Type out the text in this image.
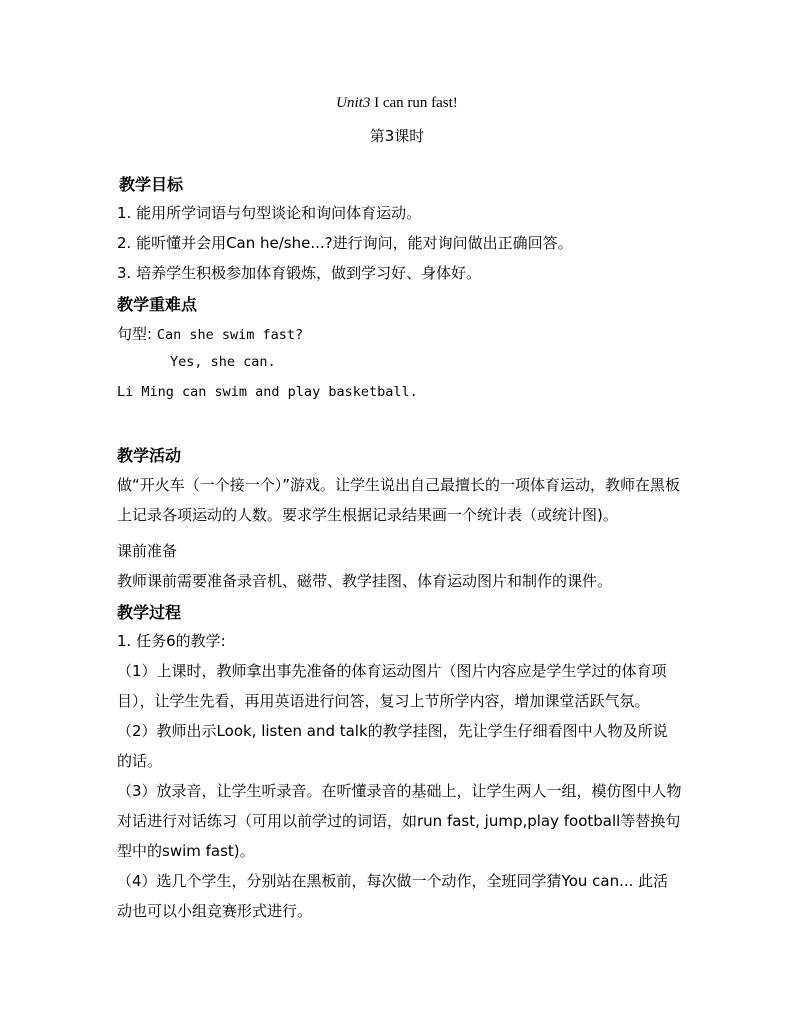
Unit3 I can run fast!
第3课时
教学目标
1. 能用所学词语与句型谈论和询问体育运动。
2. 能听懂并会用Can he/she...?进行询问，能对询问做出正确回答。
3. 培养学生积极参加体育锻炼，做到学习好、身体好。
教学重难点
句型: Can she swim fast?
Yes, she can.
Li Ming can swim and play basketball.
教学活动
做“开火车（一个接一个）”游戏。让学生说出自己最擅长的一项体育运动，教师在黑板上记录各项运动的人数。要求学生根据记录结果画一个统计表（或统计图)。
课前准备
教师课前需要准备录音机、磁带、教学挂图、体育运动图片和制作的课件。
教学过程
1. 任务6的教学:
（1）上课时，教师拿出事先准备的体育运动图片（图片内容应是学生学过的体育项目），让学生先看，再用英语进行问答，复习上节所学内容，增加课堂活跃气氛。
（2）教师出示Look, listen and talk的教学挂图，先让学生仔细看图中人物及所说的话。
（3）放录音，让学生听录音。在听懂录音的基础上，让学生两人一组，模仿图中人物对话进行对话练习（可用以前学过的词语，如run fast, jump,play football等替换句型中的swim fast)。
（4）选几个学生，分别站在黑板前，每次做一个动作，全班同学猜You can... 此活动也可以小组竞赛形式进行。
